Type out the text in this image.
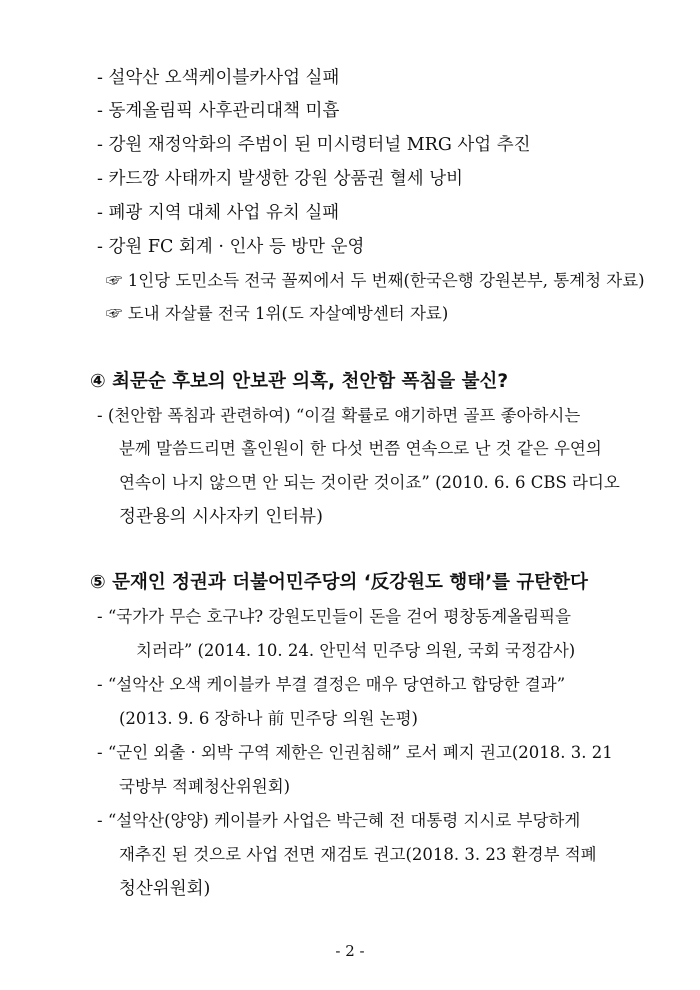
- 설악산 오색케이블카사업 실패
- 동계올림픽 사후관리대책 미흡
- 강원 재정악화의 주범이 된 미시령터널 MRG 사업 추진
- 카드깡 사태까지 발생한 강원 상품권 혈세 낭비
- 폐광 지역 대체 사업 유치 실패
- 강원 FC 회계 · 인사 등 방만 운영
☞ 1인당 도민소득 전국 꼴찌에서 두 번째(한국은행 강원본부, 통계청 자료)
☞ 도내 자살률 전국 1위(도 자살예방센터 자료)
④ 최문순 후보의 안보관 의혹, 천안함 폭침을 불신?
- (천안함 폭침과 관련하여) “이걸 확률로 얘기하면 골프 좋아하시는
분께 말씀드리면 홀인원이 한 다섯 번쯤 연속으로 난 것 같은 우연의
연속이 나지 않으면 안 되는 것이란 것이죠” (2010. 6. 6 CBS 라디오
정관용의 시사자키 인터뷰)
⑤ 문재인 정권과 더불어민주당의 ‘反강원도 행태’를 규탄한다
- “국가가 무슨 호구냐? 강원도민들이 돈을 걷어 평창동계올림픽을
치러라” (2014. 10. 24. 안민석 민주당 의원, 국회 국정감사)
- “설악산 오색 케이블카 부결 결정은 매우 당연하고 합당한 결과”
(2013. 9. 6 장하나 前 민주당 의원 논평)
- “군인 외출 · 외박 구역 제한은 인권침해” 로서 폐지 권고(2018. 3. 21
국방부 적폐청산위원회)
- “설악산(양양) 케이블카 사업은 박근혜 전 대통령 지시로 부당하게
재추진 된 것으로 사업 전면 재검토 권고(2018. 3. 23 환경부 적폐
청산위원회)
- 2 -
